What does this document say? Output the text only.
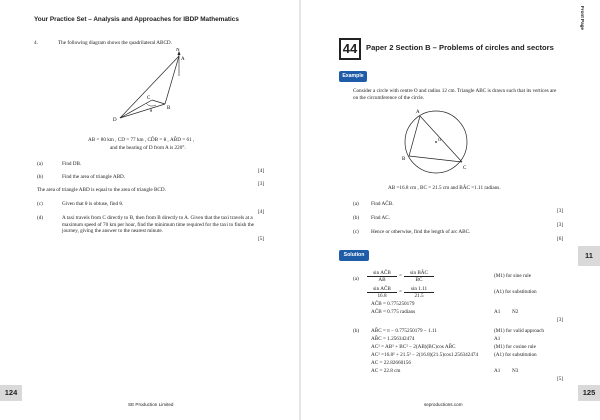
Your Practice Set – Analysis and Approaches for IBDP Mathematics
4.	The following diagram shows the quadrilateral ABCD.
N
A
B
C
D
θ
AB = 80 km , CD = 77 km , CD̂B = θ , AB̂D = 61 ,
and the bearing of D from A is 220°.
(a)	Find DB.
[4]
(b)	Find the area of triangle ABD.
[3]
The area of triangle ABD is equal to the area of triangle BCD.
(c)	Given that θ is obtuse, find θ.
[4]
(d)	A taxi travels from C directly to B, then from B directly to A. Given that the taxi travels at a maximum speed of 70 km per hour, find the minimum time required for the taxi to finish the journey, giving the answer to the nearest minute.
[5]
124
SE Production Limited
Front Page
44	Paper 2 Section B – Problems of circles and sectors
Example
Consider a circle with centre O and radius 12 cm. Triangle ABC is drawn such that its vertices are on the circumference of the circle.
A
B
C
O
AB =16.8 cm , BC = 21.5 cm and BÂC =1.11 radians.
(a) Find AĈB.
[3]
(b) Find AC.
[3]
(c) Hence or otherwise, find the length of arc ABC.
[6]
Solution	11
(a)
sin AĈB
AB
=	sin BÂC
BC
(M1) for sine rule
sin AĈB
16.8
= $\frac{\sin 1.11}{21.5}$	(A1) for substitution
AĈB = 0.775250179
AĈB = 0.775 radians	A1 N2
[3]
(b) AB̂C = π − 0.775250179 − 1.11	(M1) for valid approach
AB̂C = 1.256342474	A1
AC² = AB² + BC² − 2(AB)(BC)cos AB̂C	(M1) for cosine rule
AC² =16.8² + 21.5² − 2(16.8)(21.5)cos1.256342474	(A1) for substitution
AC = 22.82660156
AC = 22.8 cm	A1 N3
[5]
125
seproductions.com
